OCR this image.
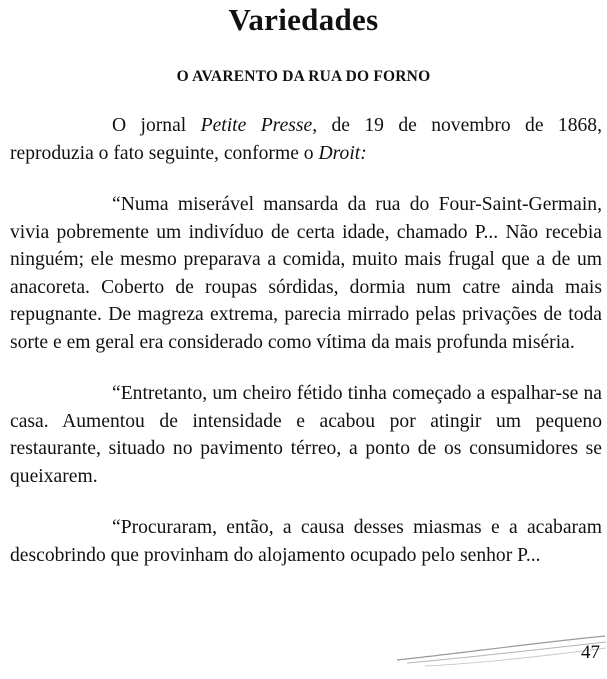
Variedades
O AVARENTO DA RUA DO FORNO

O jornal Petite Presse, de 19 de novembro de 1868, reproduzia o fato seguinte, conforme o Droit:

“Numa miserável mansarda da rua do Four-Saint-Germain, vivia pobremente um indivíduo de certa idade, chamado P... Não recebia ninguém; ele mesmo preparava a comida, muito mais frugal que a de um anacoreta. Coberto de roupas sórdidas, dormia num catre ainda mais repugnante. De magreza extrema, parecia mirrado pelas privações de toda sorte e em geral era considerado como vítima da mais profunda miséria.

“Entretanto, um cheiro fétido tinha começado a espalhar-se na casa. Aumentou de intensidade e acabou por atingir um pequeno restaurante, situado no pavimento térreo, a ponto de os consumidores se queixarem.

“Procuraram, então, a causa desses miasmas e a acabaram descobrindo que provinham do alojamento ocupado pelo senhor P...

47
